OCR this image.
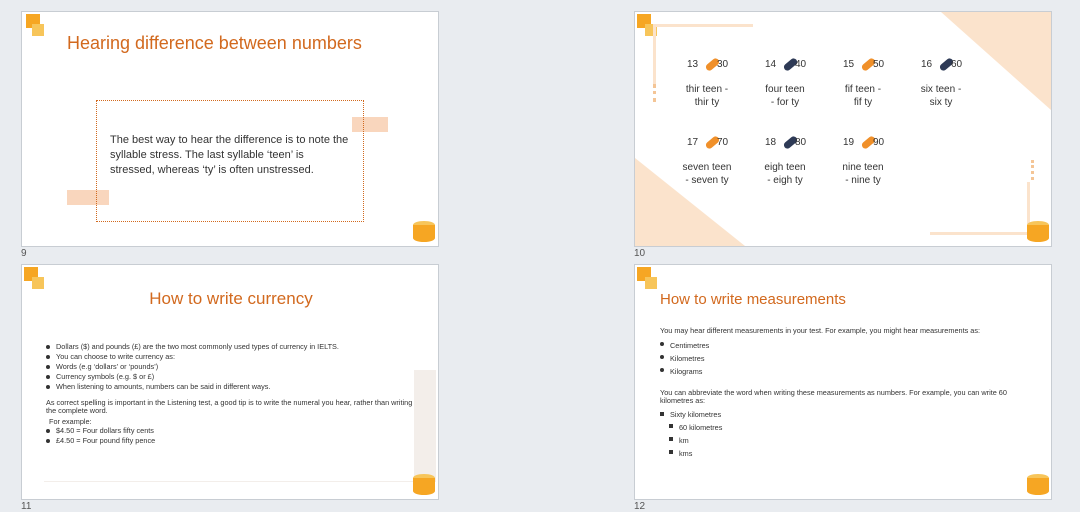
Hearing difference between numbers
The best way to hear the difference is to note the syllable stress. The last syllable ‘teen’ is stressed, whereas ‘ty’ is often unstressed.
9
13 30
thir teen -
thir ty
14 40
four teen
- for ty
15 50
fif teen -
fif ty
16 60
six teen -
six ty
17 70
seven teen
- seven ty
18 80
eigh teen
- eigh ty
19 90
nine teen
- nine ty
10
How to write currency
Dollars ($) and pounds (£) are the two most commonly used types of currency in IELTS.
You can choose to write currency as:
Words (e.g ‘dollars’ or ‘pounds’)
Currency symbols (e.g. $ or £)
When listening to amounts, numbers can be said in different ways.
As correct spelling is important in the Listening test, a good tip is to write the numeral you hear, rather than writing the complete word.
For example:
$4.50 = Four dollars fifty cents
£4.50 = Four pound fifty pence
11
How to write measurements
You may hear different measurements in your test. For example, you might hear measurements as:
Centimetres
Kilometres
Kilograms
You can abbreviate the word when writing these measurements as numbers. For example, you can write 60 kilometres as:
Sixty kilometres
60 kilometres
km
kms
12
